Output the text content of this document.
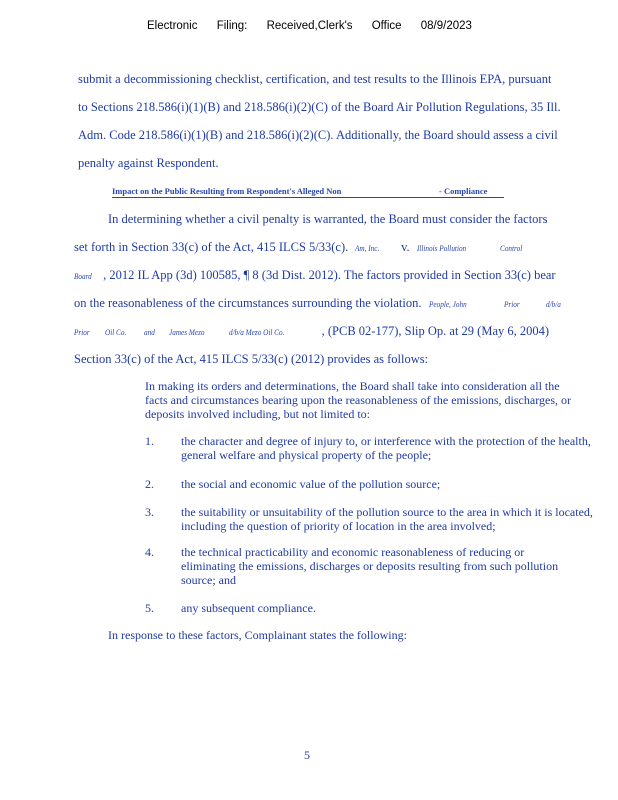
Electronic Filing: Received,Clerk's Office 08/9/2023
submit a decommissioning checklist, certification, and test results to the Illinois EPA, pursuant
to Sections 218.586(i)(1)(B) and 218.586(i)(2)(C) of the Board Air Pollution Regulations, 35 Ill.
Adm. Code 218.586(i)(1)(B) and 218.586(i)(2)(C). Additionally, the Board should assess a civil
penalty against Respondent.
Impact on the Public Resulting from Respondent's Alleged Non	- Compliance
In determining whether a civil penalty is warranted, the Board must consider the factors
set forth in Section 33(c) of the Act, 415 ILCS 5/33(c). Am, Inc. v. Illinois Pollution	Control
Board , 2012 IL App (3d) 100585, ¶ 8 (3d Dist. 2012). The factors provided in Section 33(c) bear
on the reasonableness of the circumstances surrounding the violation. People, John	Prior	d/b/a
Prior Oil Co. and James Mezo	d/b/a Mezo Oil Co.	, (PCB 02-177), Slip Op. at 29 (May 6, 2004)
Section 33(c) of the Act, 415 ILCS 5/33(c) (2012) provides as follows:
In making its orders and determinations, the Board shall take into consideration all the facts and circumstances bearing upon the reasonableness of the emissions, discharges, or deposits involved including, but not limited to:
1. the character and degree of injury to, or interference with the protection of the health, general welfare and physical property of the people;
2. the social and economic value of the pollution source;
3. the suitability or unsuitability of the pollution source to the area in which it is located, including the question of priority of location in the area involved;
4. the technical practicability and economic reasonableness of reducing or eliminating the emissions, discharges or deposits resulting from such pollution source; and
5. any subsequent compliance.
In response to these factors, Complainant states the following:
5
